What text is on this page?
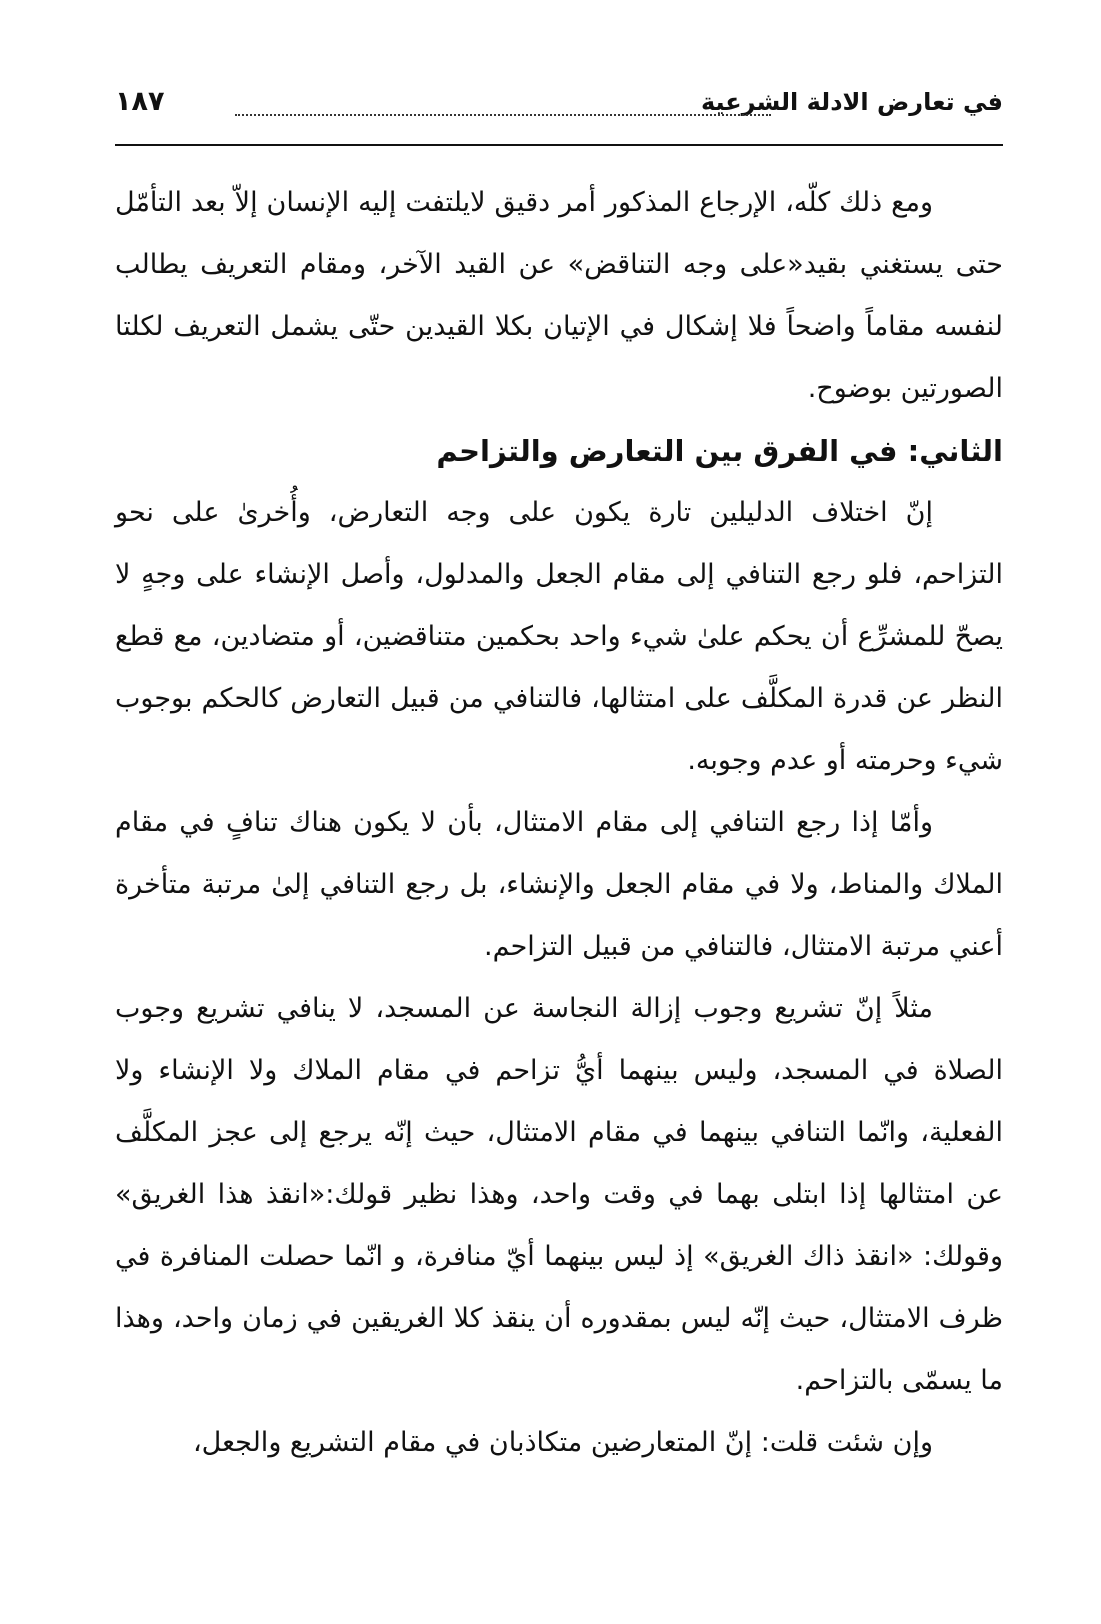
في تعارض الادلة الشرعية
١٨٧

ومع ذلك كلّه، الإرجاع المذكور أمر دقيق لايلتفت إليه الإنسان إلاّ بعد التأمّل حتى يستغني بقيد«على وجه التناقض» عن القيد الآخر، ومقام التعريف يطالب لنفسه مقاماً واضحاً فلا إشكال في الإتيان بكلا القيدين حتّى يشمل التعريف لكلتا الصورتين بوضوح.

الثاني: في الفرق بين التعارض والتزاحم

إنّ اختلاف الدليلين تارة يكون على وجه التعارض، وأُخرىٰ على نحو التزاحم، فلو رجع التنافي إلى مقام الجعل والمدلول، وأصل الإنشاء على وجهٍ لا يصحّ للمشرِّع أن يحكم علىٰ شيء واحد بحكمين متناقضين، أو متضادين، مع قطع النظر عن قدرة المكلَّف على امتثالها، فالتنافي من قبيل التعارض كالحكم بوجوب شيء وحرمته أو عدم وجوبه.

وأمّا إذا رجع التنافي إلى مقام الامتثال، بأن لا يكون هناك تنافٍ في مقام الملاك والمناط، ولا في مقام الجعل والإنشاء، بل رجع التنافي إلىٰ مرتبة متأخرة أعني مرتبة الامتثال، فالتنافي من قبيل التزاحم.

مثلاً إنّ تشريع وجوب إزالة النجاسة عن المسجد، لا ينافي تشريع وجوب الصلاة في المسجد، وليس بينهما أيُّ تزاحم في مقام الملاك ولا الإنشاء ولا الفعلية، وانّما التنافي بينهما في مقام الامتثال، حيث إنّه يرجع إلى عجز المكلَّف عن امتثالها إذا ابتلى بهما في وقت واحد، وهذا نظير قولك:«انقذ هذا الغريق» وقولك: «انقذ ذاك الغريق» إذ ليس بينهما أيّ منافرة، و انّما حصلت المنافرة في ظرف الامتثال، حيث إنّه ليس بمقدوره أن ينقذ كلا الغريقين في زمان واحد، وهذا ما يسمّى بالتزاحم.

وإن شئت قلت: إنّ المتعارضين متكاذبان في مقام التشريع والجعل،
